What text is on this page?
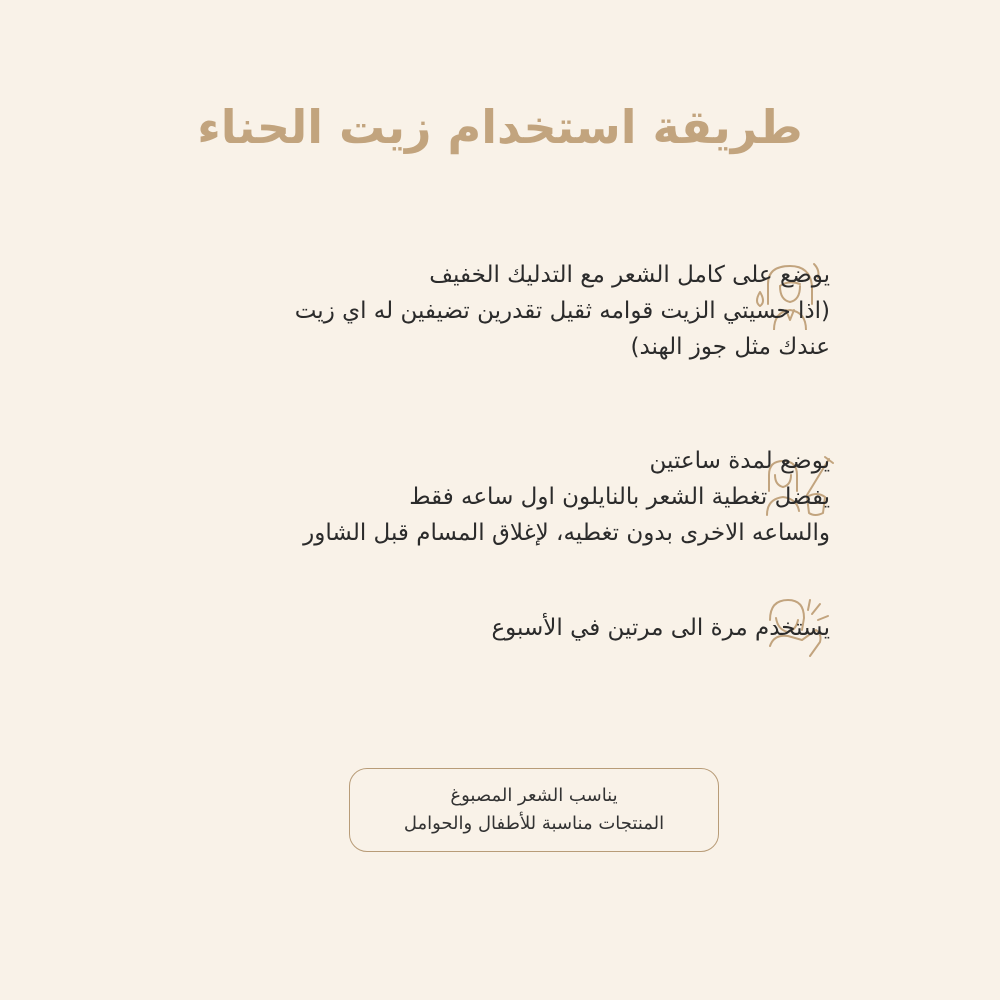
طريقة استخدام زيت الحناء
يوضع على كامل الشعر مع التدليك الخفيف
(اذا حسيتي الزيت قوامه ثقيل تقدرين تضيفين له اي زيت
عندك مثل جوز الهند)
يوضع لمدة ساعتين
يفضل تغطية الشعر بالنايلون اول ساعه فقط
والساعه الاخرى بدون تغطيه، لإغلاق المسام قبل الشاور
يستخدم مرة الى مرتين في الأسبوع
يناسب الشعر المصبوغ
المنتجات مناسبة للأطفال والحوامل
